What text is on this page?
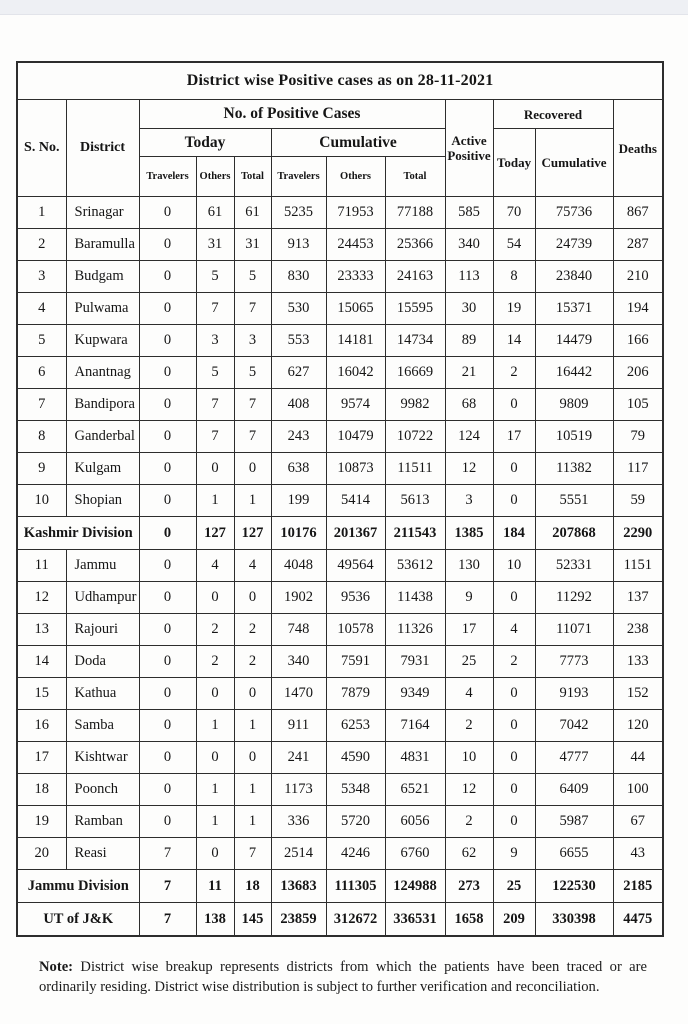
District wise Positive cases as on 28-11-2021											
S. No.	District	No. of Positive Cases						Active Positive	Recovered		Deaths
		Today			Cumulative				Today	Cumulative	
		Travelers	Others	Total	Travelers	Others	Total				
1	Srinagar	0	61	61	5235	71953	77188	585	70	75736	867
2	Baramulla	0	31	31	913	24453	25366	340	54	24739	287
3	Budgam	0	5	5	830	23333	24163	113	8	23840	210
4	Pulwama	0	7	7	530	15065	15595	30	19	15371	194
5	Kupwara	0	3	3	553	14181	14734	89	14	14479	166
6	Anantnag	0	5	5	627	16042	16669	21	2	16442	206
7	Bandipora	0	7	7	408	9574	9982	68	0	9809	105
8	Ganderbal	0	7	7	243	10479	10722	124	17	10519	79
9	Kulgam	0	0	0	638	10873	11511	12	0	11382	117
10	Shopian	0	1	1	199	5414	5613	3	0	5551	59
Kashmir Division		0	127	127	10176	201367	211543	1385	184	207868	2290
11	Jammu	0	4	4	4048	49564	53612	130	10	52331	1151
12	Udhampur	0	0	0	1902	9536	11438	9	0	11292	137
13	Rajouri	0	2	2	748	10578	11326	17	4	11071	238
14	Doda	0	2	2	340	7591	7931	25	2	7773	133
15	Kathua	0	0	0	1470	7879	9349	4	0	9193	152
16	Samba	0	1	1	911	6253	7164	2	0	7042	120
17	Kishtwar	0	0	0	241	4590	4831	10	0	4777	44
18	Poonch	0	1	1	1173	5348	6521	12	0	6409	100
19	Ramban	0	1	1	336	5720	6056	2	0	5987	67
20	Reasi	7	0	7	2514	4246	6760	62	9	6655	43
Jammu Division		7	11	18	13683	111305	124988	273	25	122530	2185
UT of J&K		7	138	145	23859	312672	336531	1658	209	330398	4475

Note: District wise breakup represents districts from which the patients have been traced or are ordinarily residing. District wise distribution is subject to further verification and reconciliation.
